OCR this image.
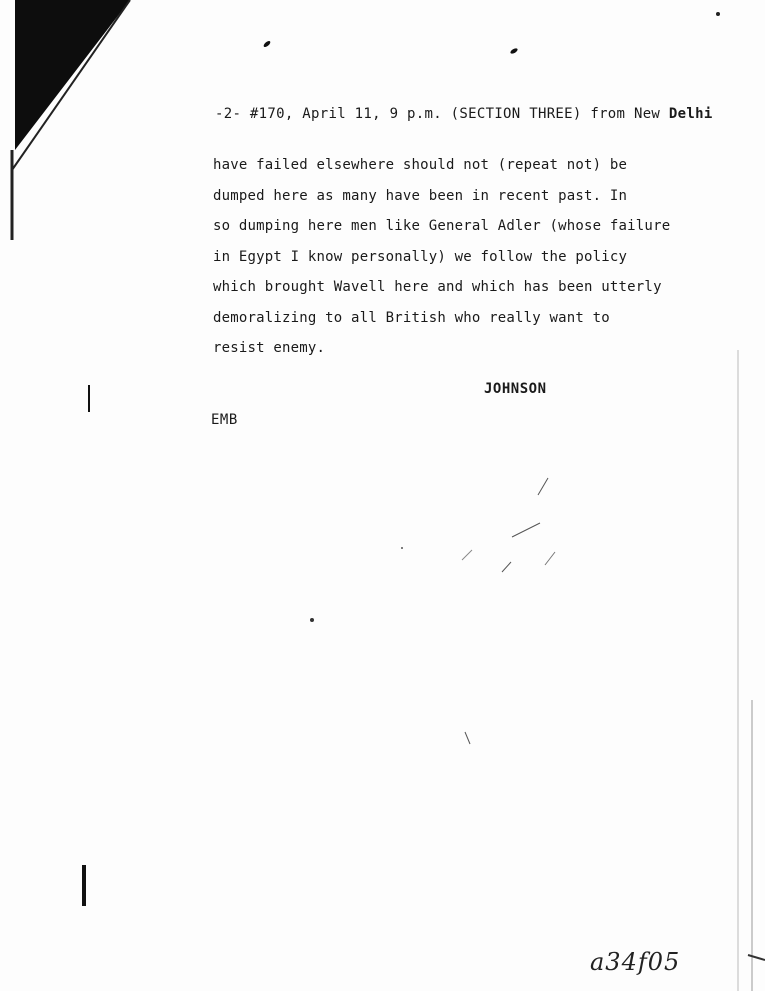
-2- #170, April 11, 9 p.m. (SECTION THREE) from New Delhi
have failed elsewhere should not (repeat not) be
dumped here as many have been in recent past. In
so dumping here men like General Adler (whose failure
in Egypt I know personally) we follow the policy
which brought Wavell here and which has been utterly
demoralizing to all British who really want to
resist enemy.
JOHNSON
EMB
a34f05
